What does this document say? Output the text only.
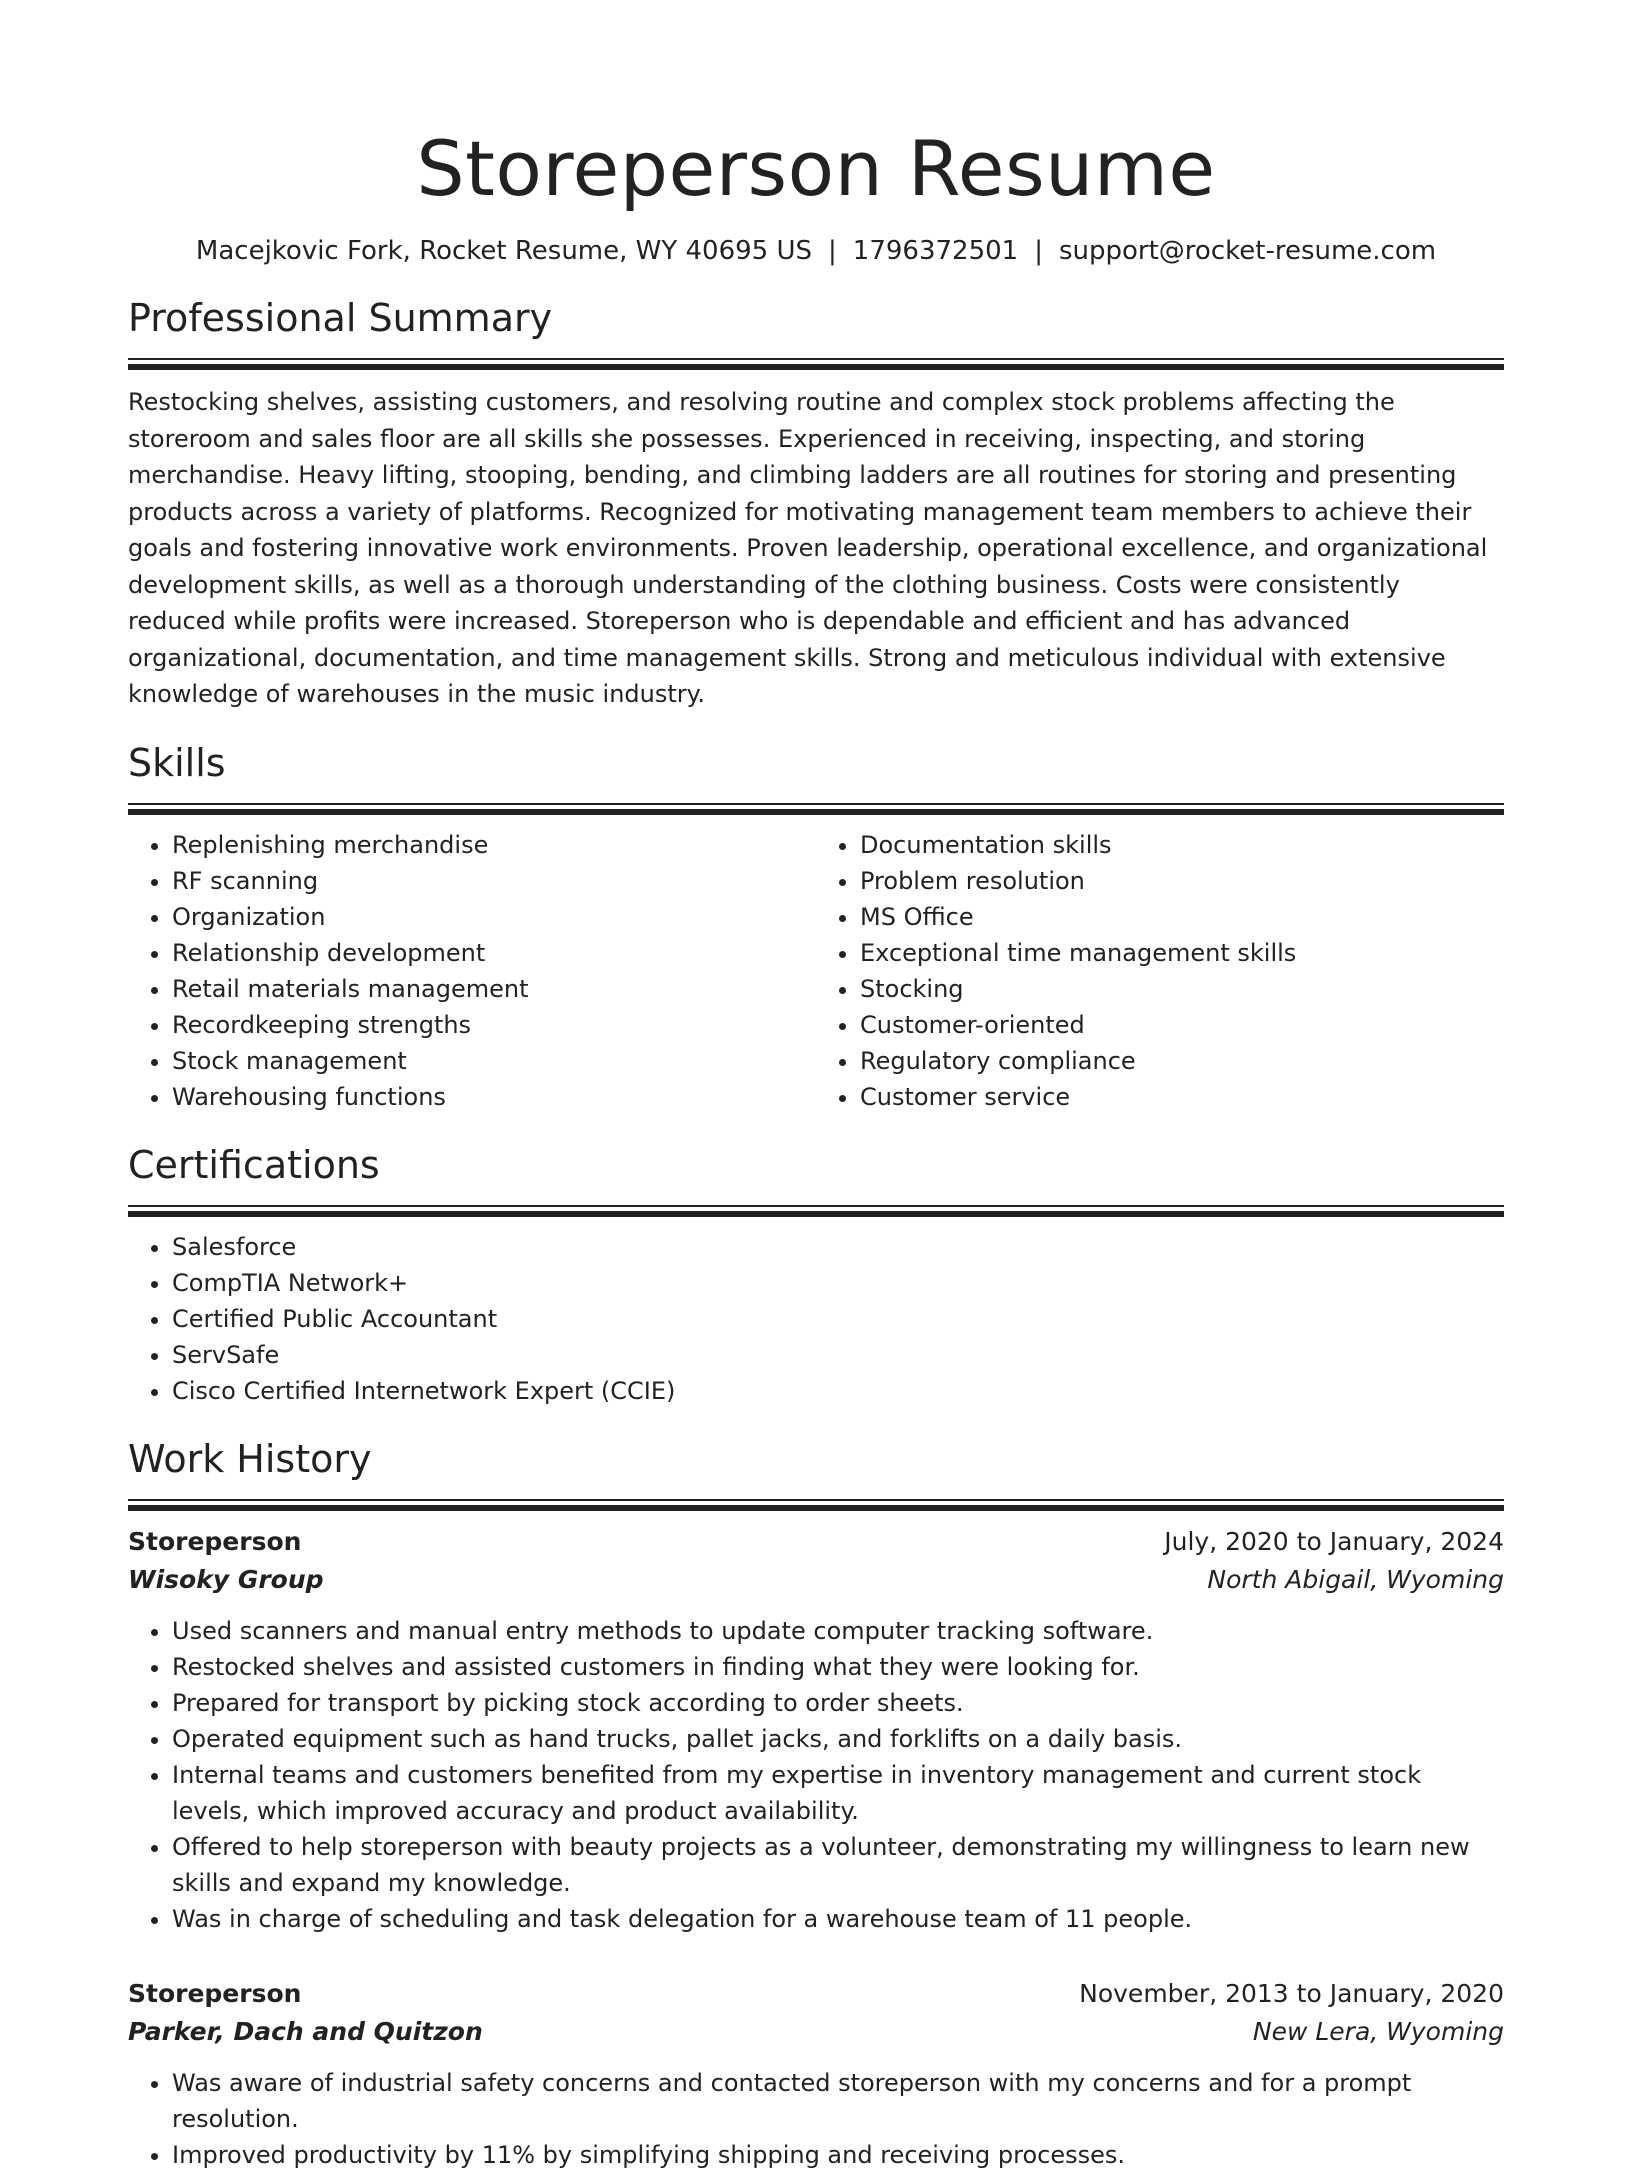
Storeperson Resume
Macejkovic Fork, Rocket Resume, WY 40695 US | 1796372501 | support@rocket-resume.com
Professional Summary

Restocking shelves, assisting customers, and resolving routine and complex stock problems affecting the storeroom and sales floor are all skills she possesses. Experienced in receiving, inspecting, and storing merchandise. Heavy lifting, stooping, bending, and climbing ladders are all routines for storing and presenting products across a variety of platforms. Recognized for motivating management team members to achieve their goals and fostering innovative work environments. Proven leadership, operational excellence, and organizational development skills, as well as a thorough understanding of the clothing business. Costs were consistently reduced while profits were increased. Storeperson who is dependable and efficient and has advanced organizational, documentation, and time management skills. Strong and meticulous individual with extensive knowledge of warehouses in the music industry.

Skills
• Replenishing merchandise
• RF scanning
• Organization
• Relationship development
• Retail materials management
• Recordkeeping strengths
• Stock management
• Warehousing functions
• Documentation skills
• Problem resolution
• MS Office
• Exceptional time management skills
• Stocking
• Customer-oriented
• Regulatory compliance
• Customer service
Certifications
• Salesforce
• CompTIA Network+
• Certified Public Accountant
• ServSafe
• Cisco Certified Internetwork Expert (CCIE)
Work History
Storeperson	July, 2020 to January, 2024
Wisoky Group	North Abigail, Wyoming
• Used scanners and manual entry methods to update computer tracking software.
• Restocked shelves and assisted customers in finding what they were looking for.
• Prepared for transport by picking stock according to order sheets.
• Operated equipment such as hand trucks, pallet jacks, and forklifts on a daily basis.
• Internal teams and customers benefited from my expertise in inventory management and current stock levels, which improved accuracy and product availability.
• Offered to help storeperson with beauty projects as a volunteer, demonstrating my willingness to learn new skills and expand my knowledge.
• Was in charge of scheduling and task delegation for a warehouse team of 11 people.
Storeperson	November, 2013 to January, 2020
Parker, Dach and Quitzon	New Lera, Wyoming
• Was aware of industrial safety concerns and contacted storeperson with my concerns and for a prompt resolution.
• Improved productivity by 11% by simplifying shipping and receiving processes.
